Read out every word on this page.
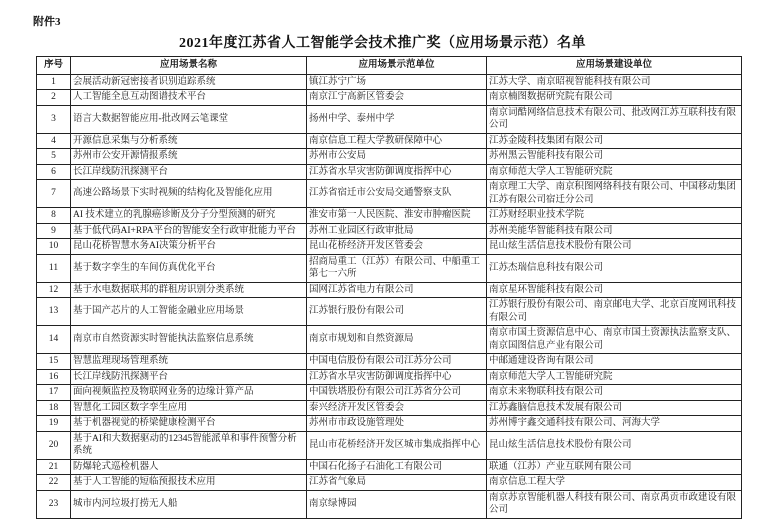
附件3
2021年度江苏省人工智能学会技术推广奖（应用场景示范）名单
序号	应用场景名称	应用场景示范单位	应用场景建设单位
1	会展活动新冠密接者识别追踪系统	镇江苏宁广场	江苏大学、南京昭视智能科技有限公司
2	人工智能全息互动图谱技术平台	南京江宁高新区管委会	南京楠图数据研究院有限公司
3	语言大数据智能应用-批改网云笔课堂	扬州中学、泰州中学	南京词酷网络信息技术有限公司、批改网江苏互联科技有限公司
4	开源信息采集与分析系统	南京信息工程大学教研保障中心	江苏金陵科技集团有限公司
5	苏州市公安开源情报系统	苏州市公安局	苏州黑云智能科技有限公司
6	长江岸线防汛探测平台	江苏省水旱灾害防御调度指挥中心	南京师范大学人工智能研究院
7	高速公路场景下实时视频的结构化及智能化应用	江苏省宿迁市公安局交通警察支队	南京理工大学、南京积图网络科技有限公司、中国移动集团江苏有限公司宿迁分公司
8	AI 技术建立的乳腺癌诊断及分子分型预测的研究	淮安市第一人民医院、淮安市肿瘤医院	江苏财经职业技术学院
9	基于低代码AI+RPA平台的智能安全行政审批能力平台	苏州工业园区行政审批局	苏州美能华智能科技有限公司
10	昆山花桥智慧水务AI决策分析平台	昆山花桥经济开发区管委会	昆山炫生活信息技术股份有限公司
11	基于数字孪生的车间仿真优化平台	招商局重工（江苏）有限公司、中船重工第七一六所	江苏杰瑞信息科技有限公司
12	基于水电数据联邦的群租房识别分类系统	国网江苏省电力有限公司	南京星环智能科技有限公司
13	基于国产芯片的人工智能金融业应用场景	江苏银行股份有限公司	江苏银行股份有限公司、南京邮电大学、北京百度网讯科技有限公司
14	南京市自然资源实时智能执法监察信息系统	南京市规划和自然资源局	南京市国土资源信息中心、南京市国土资源执法监察支队、南京国图信息产业有限公司
15	智慧监理现场管理系统	中国电信股份有限公司江苏分公司	中邮通建设咨询有限公司
16	长江岸线防汛探测平台	江苏省水旱灾害防御调度指挥中心	南京师范大学人工智能研究院
17	面向视频监控及物联网业务的边缘计算产品	中国铁塔股份有限公司江苏省分公司	南京未来物联科技有限公司
18	智慧化工园区数字孪生应用	泰兴经济开发区管委会	江苏鑫脑信息技术发展有限公司
19	基于机器视觉的桥梁健康检测平台	苏州市市政设施管理处	苏州博宇鑫交通科技有限公司、河海大学
20	基于AI和大数据驱动的12345智能派单和事件预警分析系统	昆山市花桥经济开发区城市集成指挥中心	昆山炫生活信息技术股份有限公司
21	防爆轮式巡检机器人	中国石化扬子石油化工有限公司	联通（江苏）产业互联网有限公司
22	基于人工智能的短临预报技术应用	江苏省气象局	南京信息工程大学
23	城市内河垃圾打捞无人船	南京绿博园	南京苏京智能机器人科技有限公司、南京禹贡市政建设有限公司
